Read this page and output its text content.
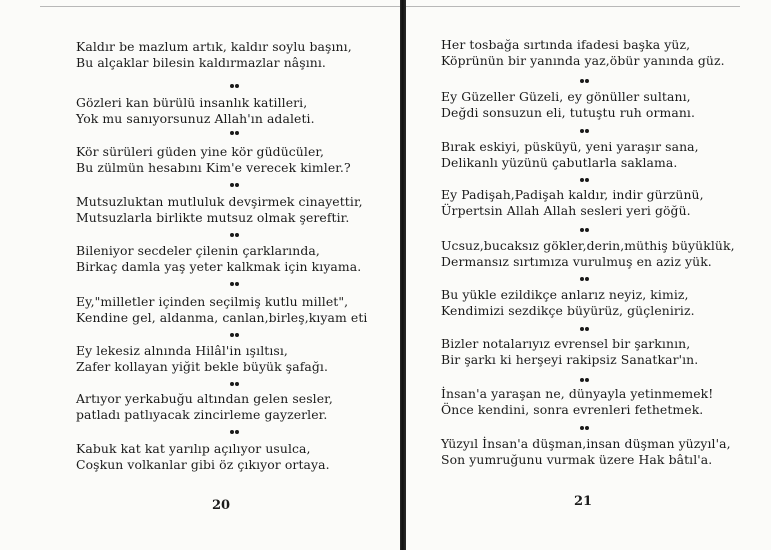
Kaldır be mazlum artık, kaldır soylu başını,
Bu alçaklar bilesin kaldırmazlar nâşını.
Gözleri kan bürülü insanlık katilleri,
Yok mu sanıyorsunuz Allah'ın adaleti.
Kör sürüleri güden yine kör güdücüler,
Bu zülmün hesabını Kim'e verecek kimler.?
Mutsuzluktan mutluluk devşirmek cinayettir,
Mutsuzlarla birlikte mutsuz olmak şereftir.
Bileniyor secdeler çilenin çarklarında,
Birkaç damla yaş yeter kalkmak için kıyama.
Ey,"milletler içinden seçilmiş kutlu millet",
Kendine gel, aldanma, canlan,birleş,kıyam eti
Ey lekesiz alnında Hilâl'in ışıltısı,
Zafer kollayan yiğit bekle büyük şafağı.
Artıyor yerkabuğu altından gelen sesler,
patladı patlıyacak zincirleme gayzerler.
Kabuk kat kat yarılıp açılıyor usulca,
Coşkun volkanlar gibi öz çıkıyor ortaya.
20
Her tosbağa sırtında ifadesi başka yüz,
Köprünün bir yanında yaz,öbür yanında güz.
Ey Güzeller Güzeli, ey gönüller sultanı,
Değdi sonsuzun eli, tutuştu ruh ormanı.
Bırak eskiyi, püsküyü, yeni yaraşır sana,
Delikanlı yüzünü çabutlarla saklama.
Ey Padişah,Padişah kaldır, indir gürzünü,
Ürpertsin Allah Allah sesleri yeri göğü.
Ucsuz,bucaksız gökler,derin,müthiş büyüklük,
Dermansız sırtımıza vurulmuş en aziz yük.
Bu yükle ezildikçe anlarız neyiz, kimiz,
Kendimizi sezdikçe büyürüz, güçleniriz.
Bizler notalarıyız evrensel bir şarkının,
Bir şarkı ki herşeyi rakipsiz Sanatkar'ın.
İnsan'a yaraşan ne, dünyayla yetinmemek!
Önce kendini, sonra evrenleri fethetmek.
Yüzyıl İnsan'a düşman,insan düşman yüzyıl'a,
Son yumruğunu vurmak üzere Hak bâtıl'a.
21
